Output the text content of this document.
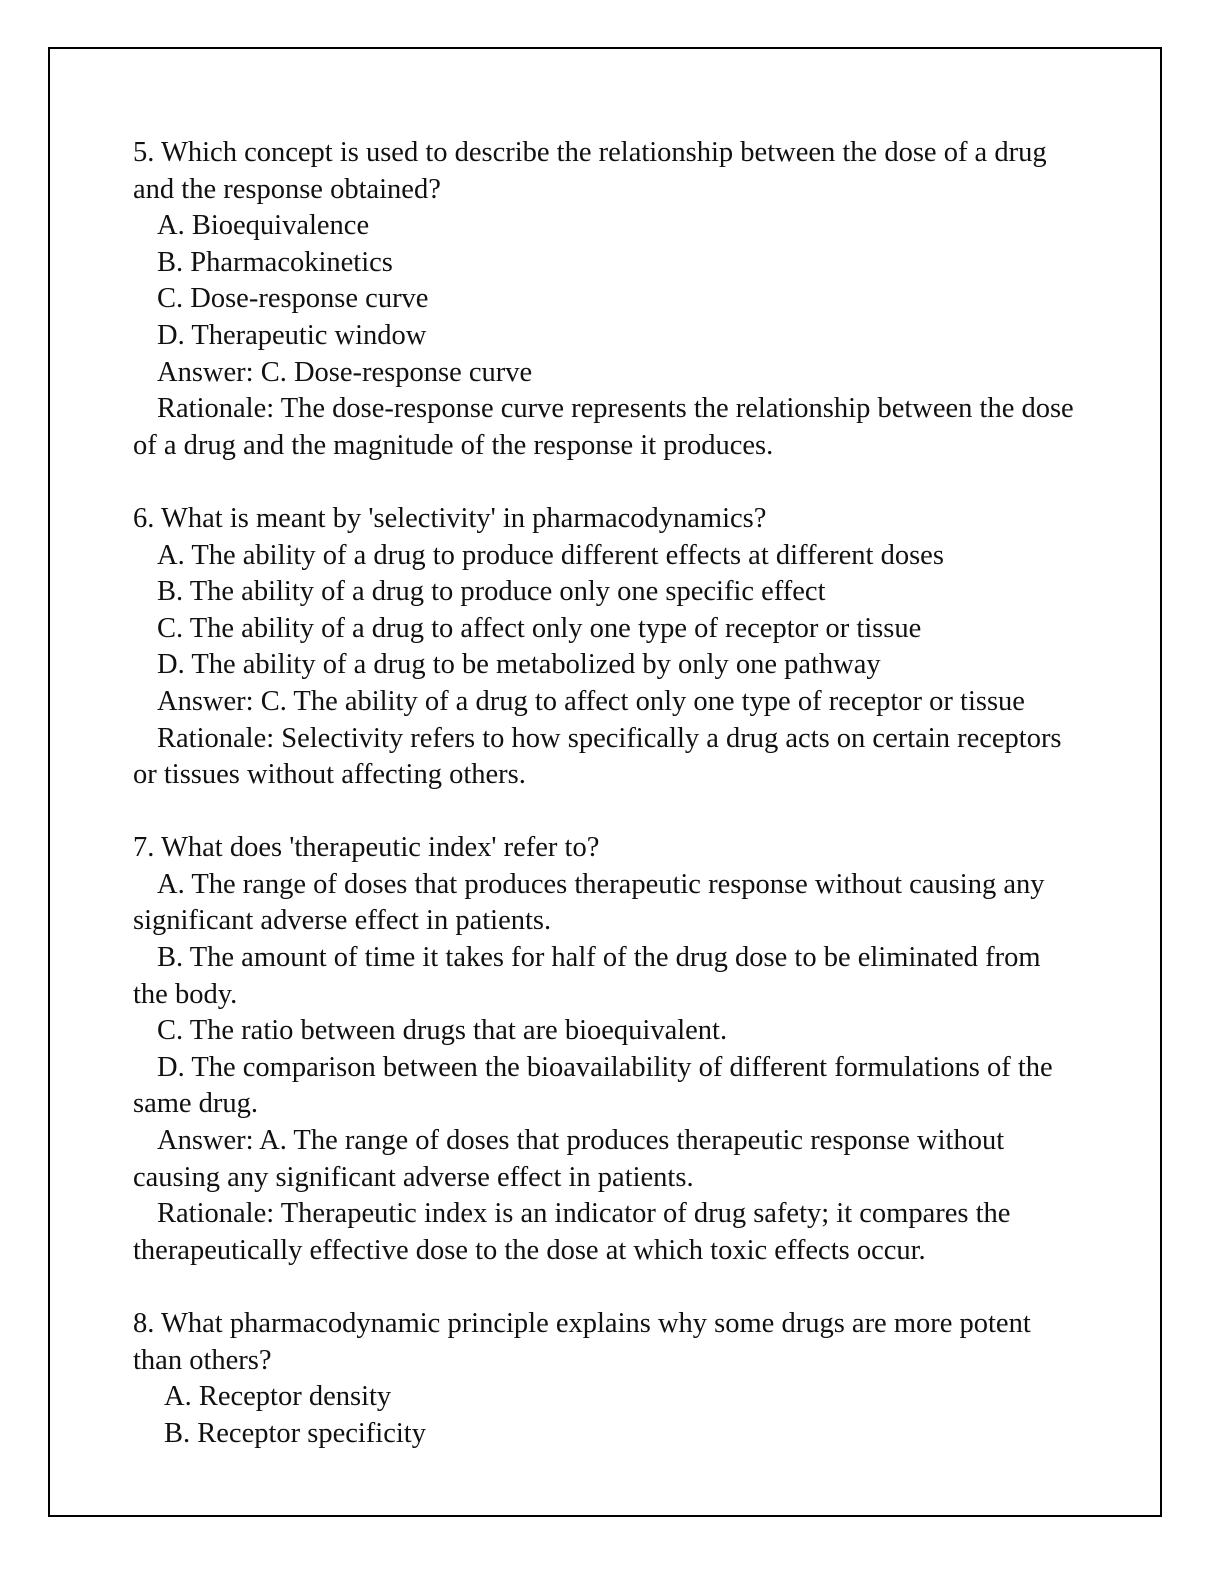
5. Which concept is used to describe the relationship between the dose of a drug and the response obtained?

A. Bioequivalence

B. Pharmacokinetics

C. Dose-response curve

D. Therapeutic window

Answer: C. Dose-response curve

Rationale: The dose-response curve represents the relationship between the dose of a drug and the magnitude of the response it produces.

6. What is meant by 'selectivity' in pharmacodynamics?

A. The ability of a drug to produce different effects at different doses

B. The ability of a drug to produce only one specific effect

C. The ability of a drug to affect only one type of receptor or tissue

D. The ability of a drug to be metabolized by only one pathway

Answer: C. The ability of a drug to affect only one type of receptor or tissue

Rationale: Selectivity refers to how specifically a drug acts on certain receptors or tissues without affecting others.

7. What does 'therapeutic index' refer to?

A. The range of doses that produces therapeutic response without causing any significant adverse effect in patients.

B. The amount of time it takes for half of the drug dose to be eliminated from the body.

C. The ratio between drugs that are bioequivalent.

D. The comparison between the bioavailability of different formulations of the same drug.

Answer: A. The range of doses that produces therapeutic response without causing any significant adverse effect in patients.

Rationale: Therapeutic index is an indicator of drug safety; it compares the therapeutically effective dose to the dose at which toxic effects occur.

8. What pharmacodynamic principle explains why some drugs are more potent than others?

A. Receptor density

B. Receptor specificity
